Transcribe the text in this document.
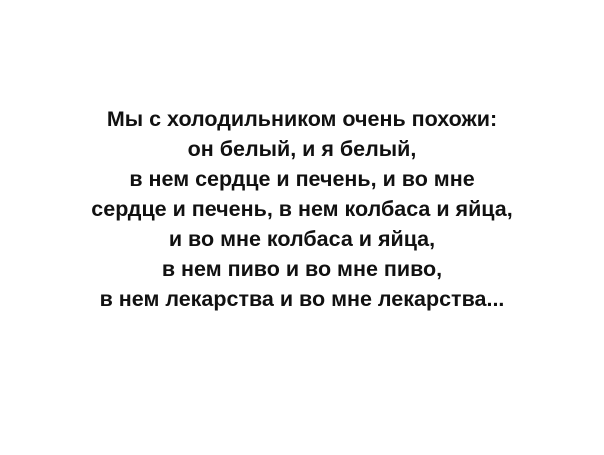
Мы с холодильником очень похожи:
он белый, и я белый,
в нем сердце и печень, и во мне
сердце и печень, в нем колбаса и яйца,
и во мне колбаса и яйца,
в нем пиво и во мне пиво,
в нем лекарства и во мне лекарства...
